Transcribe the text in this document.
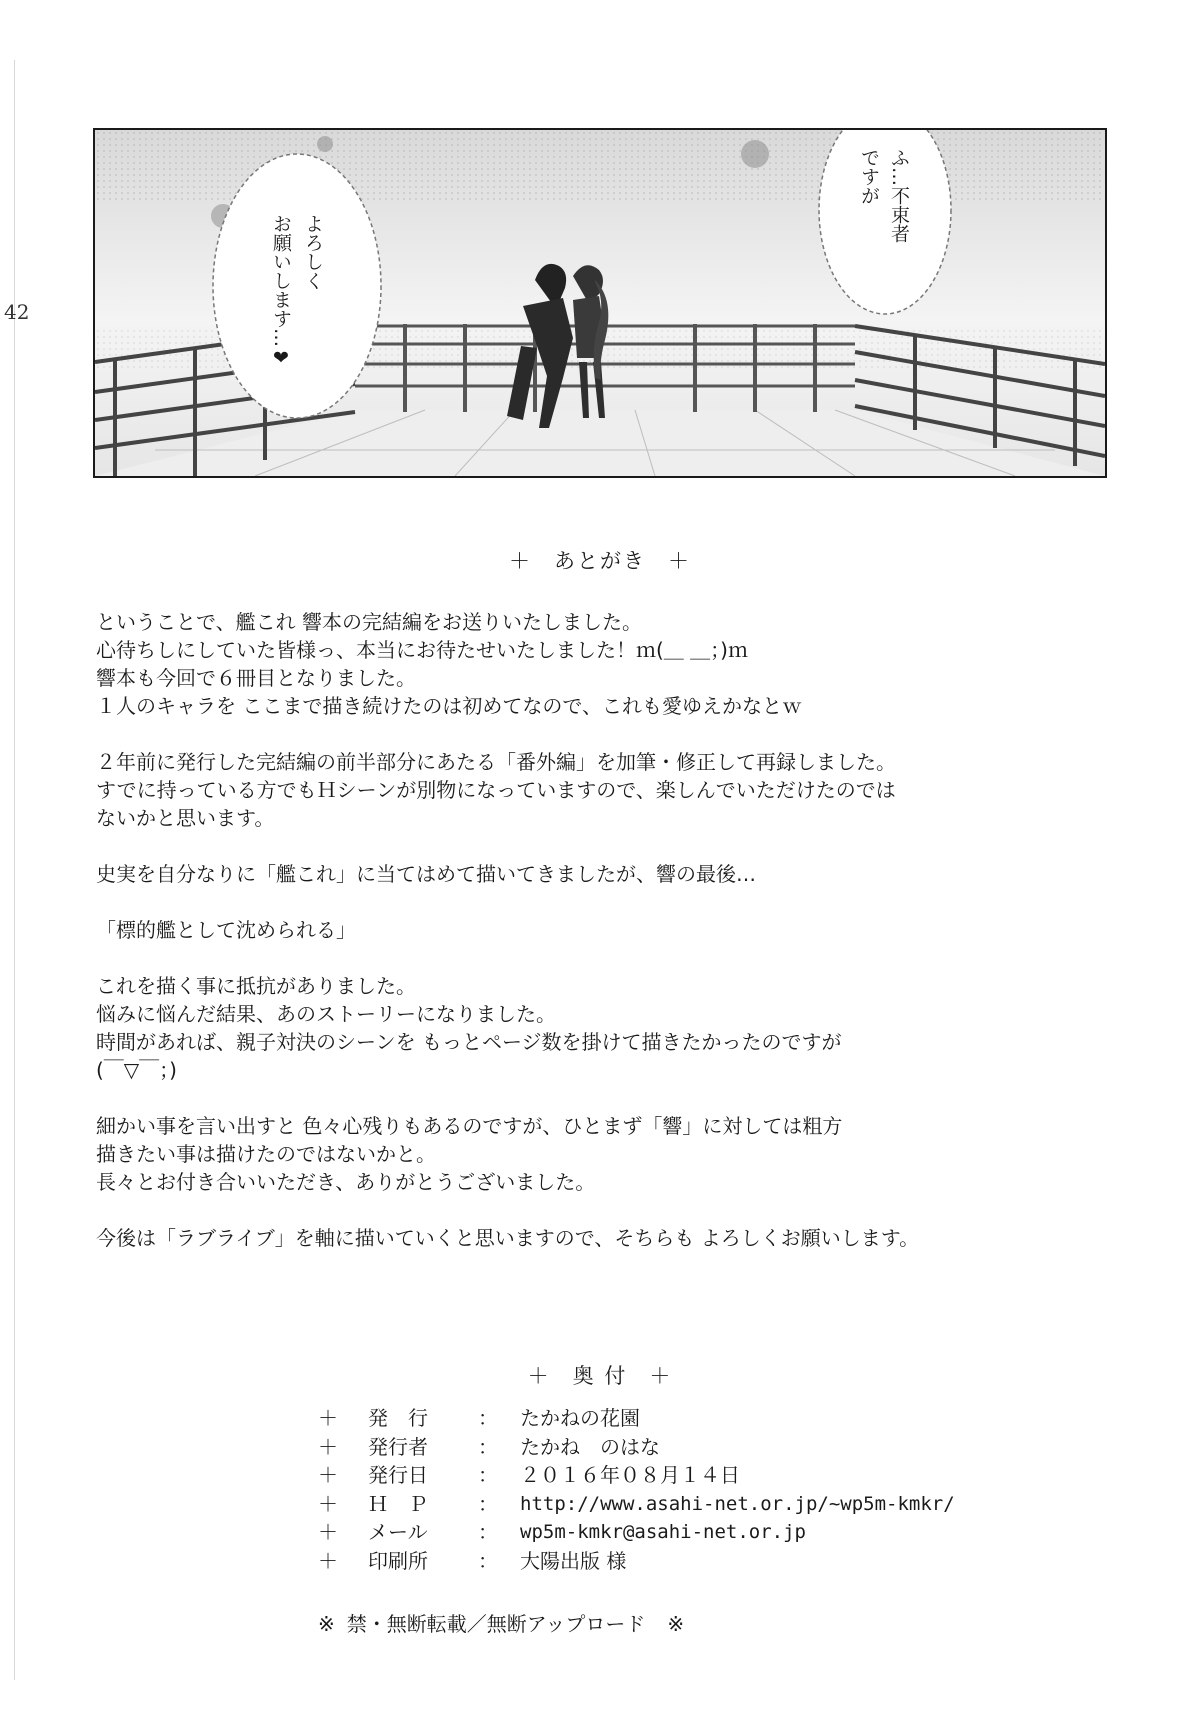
42
よろしく
お願いします…❤
ふ…不束者
ですが
＋ あとがき ＋

ということで、艦これ 響本の完結編をお送りいたしました。
心待ちしにしていた皆様っ、本当にお待たせいたしました！ｍ(＿ ＿；)ｍ
響本も今回で６冊目となりました。
１人のキャラを ここまで描き続けたのは初めてなので、これも愛ゆえかなとｗ

２年前に発行した完結編の前半部分にあたる「番外編」を加筆・修正して再録しました。
すでに持っている方でもＨシーンが別物になっていますので、楽しんでいただけたのでは
ないかと思います。

史実を自分なりに「艦これ」に当てはめて描いてきましたが、響の最後…

「標的艦として沈められる」

これを描く事に抵抗がありました。
悩みに悩んだ結果、あのストーリーになりました。
時間があれば、親子対決のシーンを もっとページ数を掛けて描きたかったのですが
(￣▽￣；)

細かい事を言い出すと 色々心残りもあるのですが、ひとまず「響」に対しては粗方
描きたい事は描けたのではないかと。
長々とお付き合いいただき、ありがとうございました。

今後は「ラブライブ」を軸に描いていくと思いますので、そちらも よろしくお願いします。

＋ 奥 付 ＋
＋	発　行	：	たかねの花園
＋	発行者	：	たかね　のはな
＋	発行日	：	２０１６年０８月１４日
＋	Ｈ　Ｐ	：	http://www.asahi-net.or.jp/~wp5m-kmkr/
＋	メール	：	wp5m-kmkr@asahi-net.or.jp
＋	印刷所	：	大陽出版 様
※ 禁・無断転載／無断アップロード ※
